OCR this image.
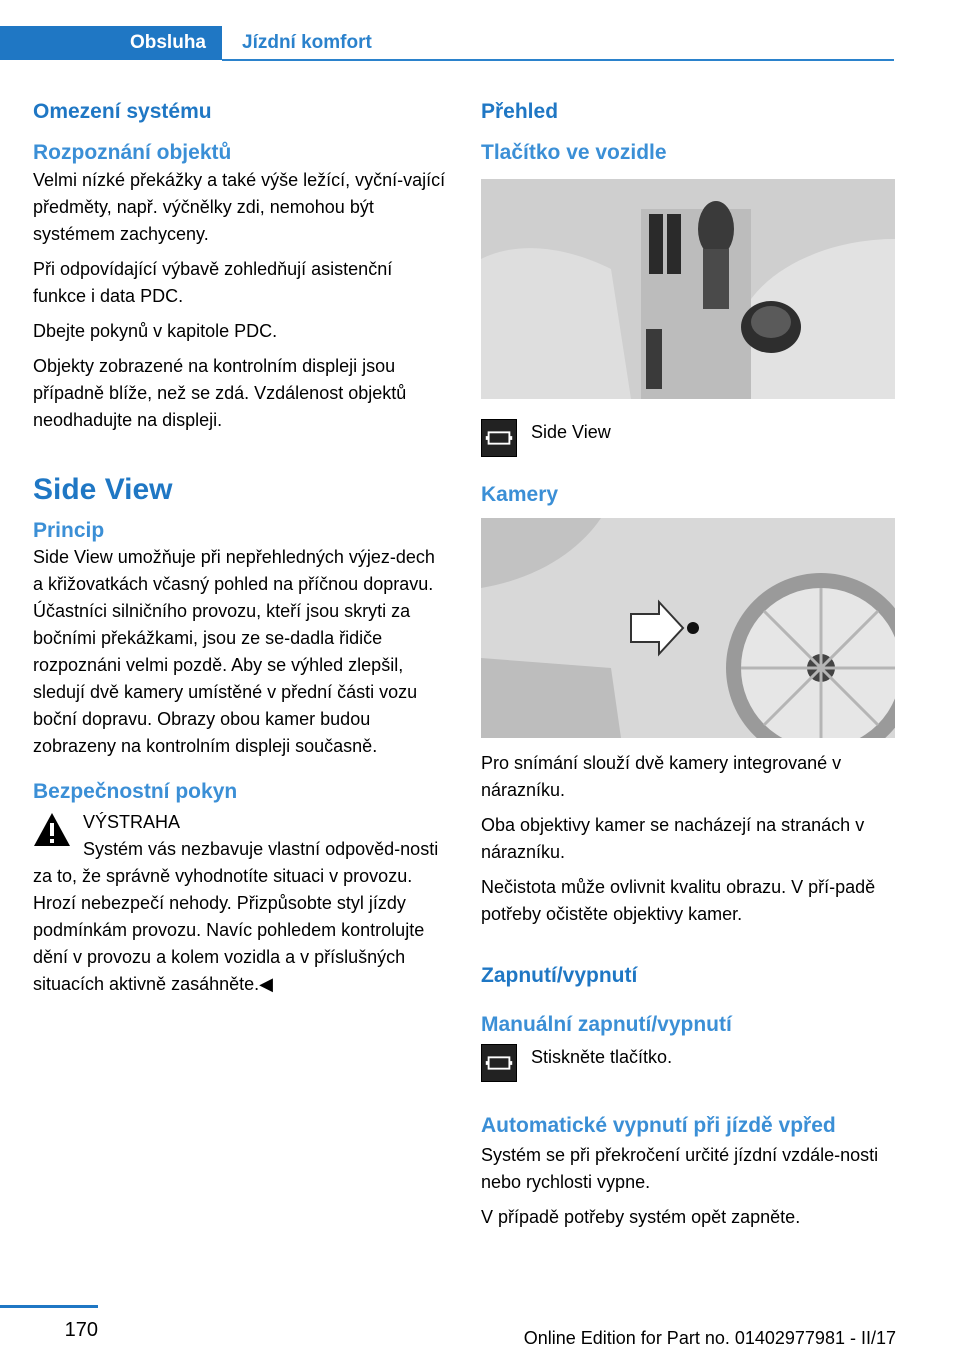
Obsluha Jízdní komfort
Omezení systému
Rozpoznání objektů

Velmi nízké překážky a také výše ležící, vyční‐vající předměty, např. výčnělky zdi, nemohou být systémem zachyceny.

Při odpovídající výbavě zohledňují asistenční funkce i data PDC.

Dbejte pokynů v kapitole PDC.

Objekty zobrazené na kontrolním displeji jsou případně blíže, než se zdá. Vzdálenost objektů neodhadujte na displeji.

Side View
Princip

Side View umožňuje při nepřehledných výjez‐dech a křižovatkách včasný pohled na příčnou dopravu. Účastníci silničního provozu, kteří jsou skryti za bočními překážkami, jsou ze se‐dadla řidiče rozpoznáni velmi pozdě. Aby se výhled zlepšil, sledují dvě kamery umístěné v přední části vozu boční dopravu. Obrazy obou kamer budou zobrazeny na kontrolním displeji současně.

Bezpečnostní pokyn

VÝSTRAHA

Systém vás nezbavuje vlastní odpověd‐nosti za to, že správně vyhodnotíte situaci v provozu. Hrozí nebezpečí nehody. Přizpůsobte styl jízdy podmínkám provozu. Navíc pohledem kontrolujte dění v provozu a kolem vozidla a v příslušných situacích aktivně zasáhněte.◀

Přehled
Tlačítko ve vozidle

Side View

Kamery

Pro snímání slouží dvě kamery integrované v nárazníku.

Oba objektivy kamer se nacházejí na stranách v nárazníku.

Nečistota může ovlivnit kvalitu obrazu. V pří‐padě potřeby očistěte objektivy kamer.

Zapnutí/vypnutí
Manuální zapnutí/vypnutí

Stiskněte tlačítko.

Automatické vypnutí při jízdě vpřed

Systém se při překročení určité jízdní vzdále‐nosti nebo rychlosti vypne.

V případě potřeby systém opět zapněte.

170	Online Edition for Part no. 01402977981 - II/17
